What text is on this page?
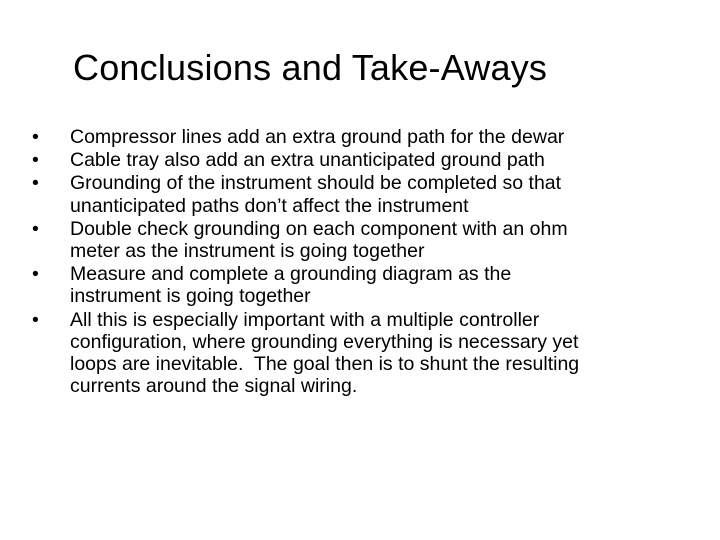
Conclusions and Take-Aways
•	Compressor lines add an extra ground path for the dewar
•	Cable tray also add an extra unanticipated ground path
•	Grounding of the instrument should be completed so that
unanticipated paths don’t affect the instrument
•	Double check grounding on each component with an ohm
meter as the instrument is going together
•	Measure and complete a grounding diagram as the
instrument is going together
•	All this is especially important with a multiple controller
configuration, where grounding everything is necessary yet
loops are inevitable.  The goal then is to shunt the resulting
currents around the signal wiring.
